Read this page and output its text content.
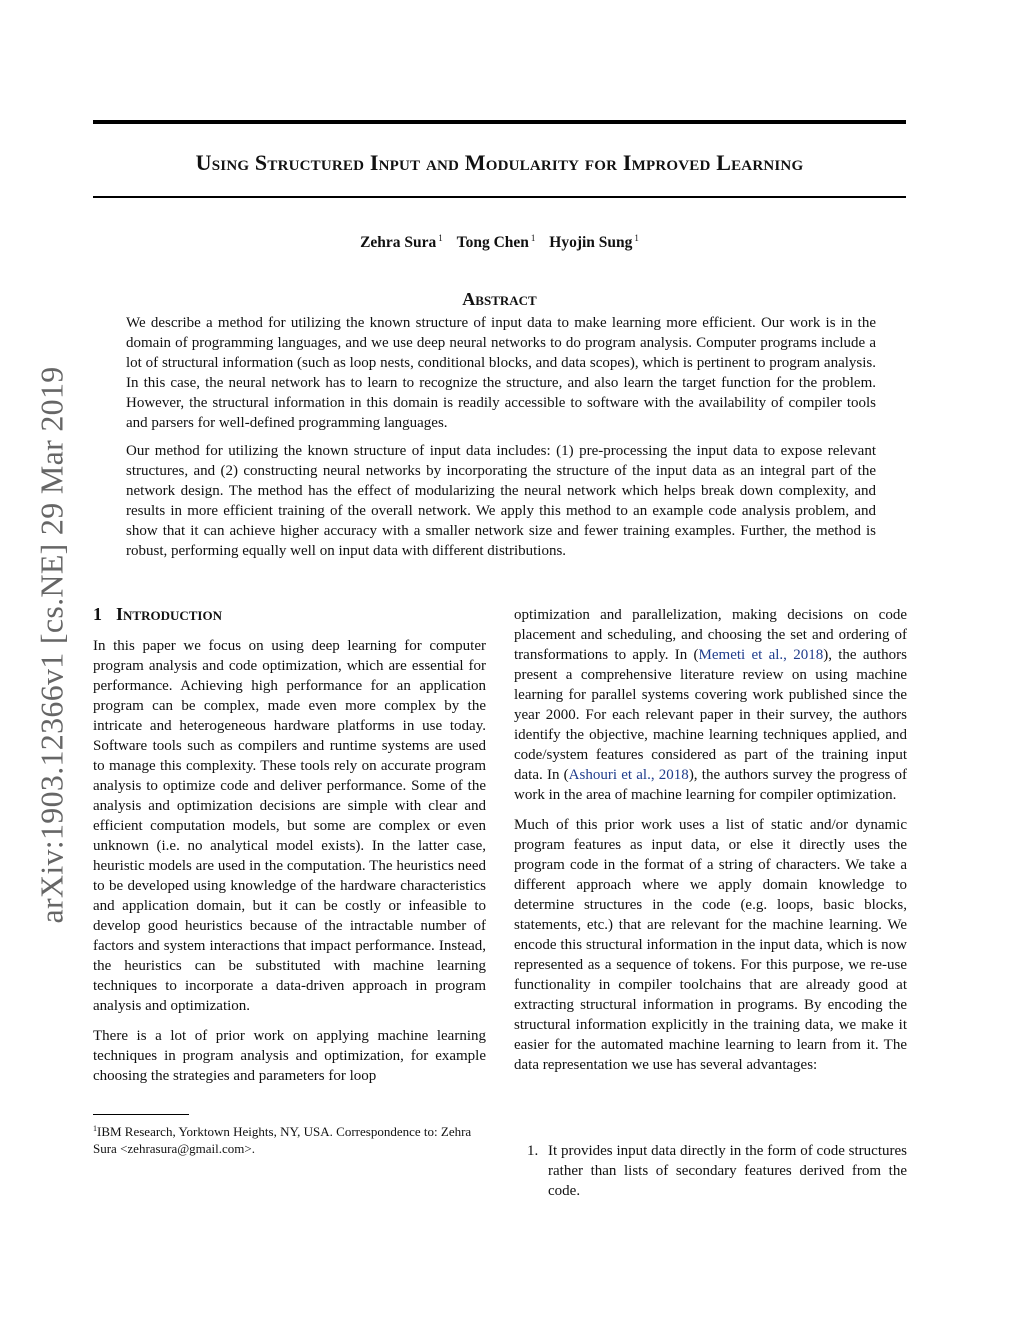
arXiv:1903.12366v1 [cs.NE] 29 Mar 2019
Using Structured Input and Modularity for Improved Learning
Zehra Sura $^1$ Tong Chen $^1$ Hyojin Sung $^1$
Abstract

We describe a method for utilizing the known structure of input data to make learning more efficient. Our work is in the domain of programming languages, and we use deep neural networks to do program analysis. Computer programs include a lot of structural information (such as loop nests, conditional blocks, and data scopes), which is pertinent to program analysis. In this case, the neural network has to learn to recognize the structure, and also learn the target function for the problem. However, the structural information in this domain is readily accessible to software with the availability of compiler tools and parsers for well-defined programming languages.

Our method for utilizing the known structure of input data includes: (1) pre-processing the input data to expose relevant structures, and (2) constructing neural networks by incorporating the structure of the input data as an integral part of the network design. The method has the effect of modularizing the neural network which helps break down complexity, and results in more efficient training of the overall network. We apply this method to an example code analysis problem, and show that it can achieve higher accuracy with a smaller network size and fewer training examples. Further, the method is robust, performing equally well on input data with different distributions.

1 Introduction

In this paper we focus on using deep learning for computer program analysis and code optimization, which are essential for performance. Achieving high performance for an application program can be complex, made even more complex by the intricate and heterogeneous hardware platforms in use today. Software tools such as compilers and runtime systems are used to manage this complexity. These tools rely on accurate program analysis to optimize code and deliver performance. Some of the analysis and optimization decisions are simple with clear and efficient computation models, but some are complex or even unknown (i.e. no analytical model exists). In the latter case, heuristic models are used in the computation. The heuristics need to be developed using knowledge of the hardware characteristics and application domain, but it can be costly or infeasible to develop good heuristics because of the intractable number of factors and system interactions that impact performance. Instead, the heuristics can be substituted with machine learning techniques to incorporate a data-driven approach in program analysis and optimization.

There is a lot of prior work on applying machine learning techniques in program analysis and optimization, for example choosing the strategies and parameters for loop

$^1$IBM Research, Yorktown Heights, NY, USA. Correspondence to: Zehra Sura <zehrasura@gmail.com>.

optimization and parallelization, making decisions on code placement and scheduling, and choosing the set and ordering of transformations to apply. In (Memeti et al., 2018), the authors present a comprehensive literature review on using machine learning for parallel systems covering work published since the year 2000. For each relevant paper in their survey, the authors identify the objective, machine learning techniques applied, and code/system features considered as part of the training input data. In (Ashouri et al., 2018), the authors survey the progress of work in the area of machine learning for compiler optimization.

Much of this prior work uses a list of static and/or dynamic program features as input data, or else it directly uses the program code in the format of a string of characters. We take a different approach where we apply domain knowledge to determine structures in the code (e.g. loops, basic blocks, statements, etc.) that are relevant for the machine learning. We encode this structural information in the input data, which is now represented as a sequence of tokens. For this purpose, we re-use functionality in compiler toolchains that are already good at extracting structural information in programs. By encoding the structural information explicitly in the training data, we make it easier for the automated machine learning to learn from it. The data representation we use has several advantages:

1. It provides input data directly in the form of code structures rather than lists of secondary features derived from the code.
